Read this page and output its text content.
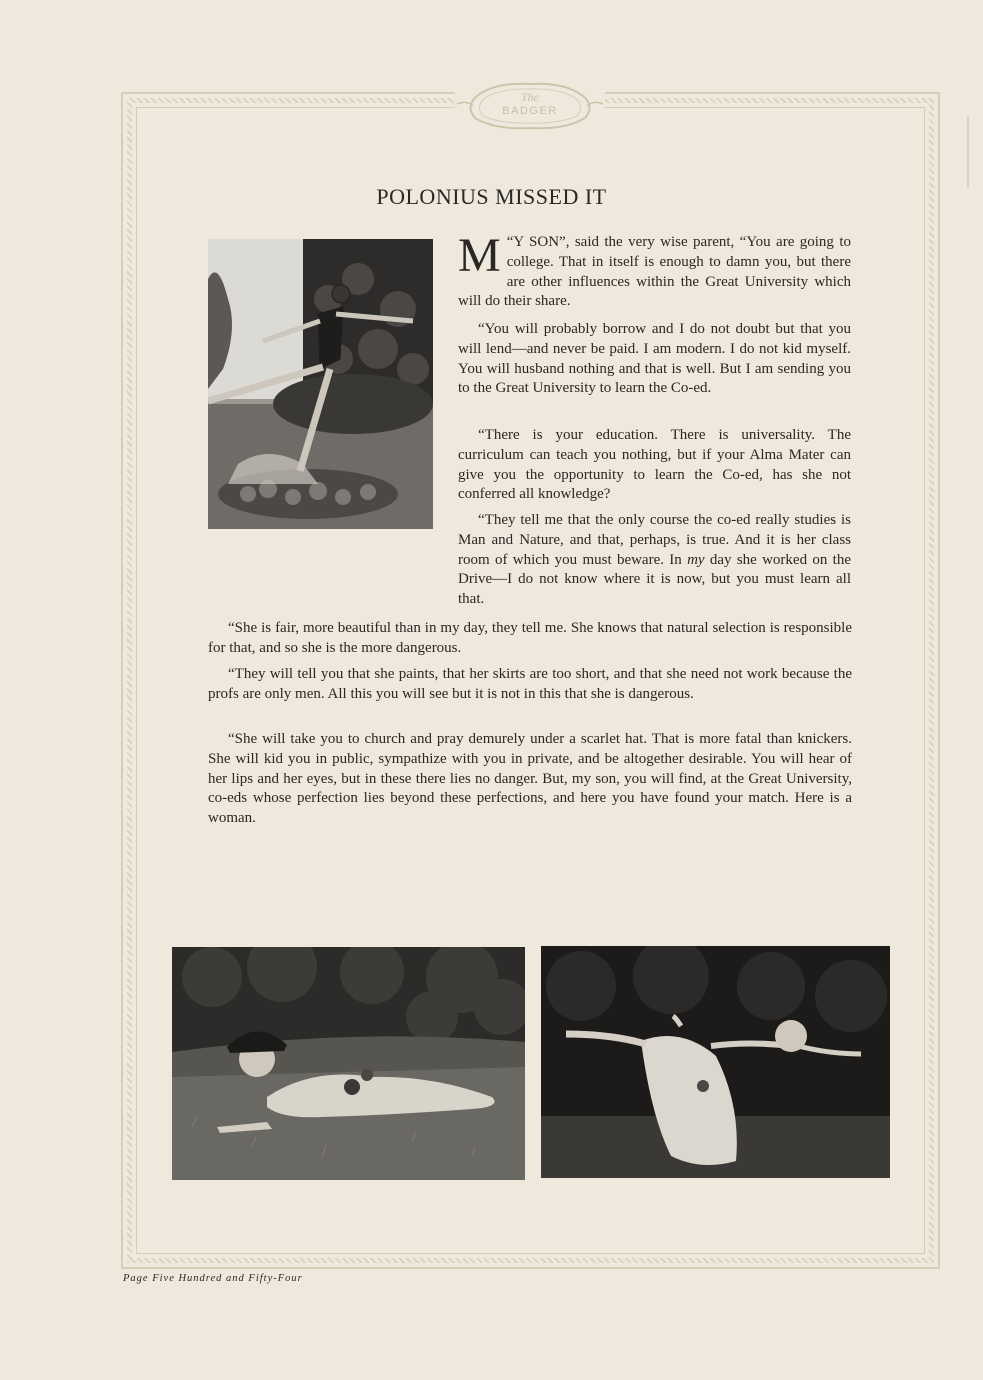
The
BADGER
POLONIUS MISSED IT

“
M Y SON”, said the very wise parent, “You are going to college. That in itself is enough to damn you, but there are other influences within the Great University which will do their share.

“You will probably borrow and I do not doubt but that you will lend—and never be paid. I am modern. I do not kid myself. You will husband nothing and that is well. But I am sending you to the Great University to learn the Co-ed.

“There is your education. There is universality. The curriculum can teach you nothing, but if your Alma Mater can give you the opportunity to learn the Co-ed, has she not conferred all knowledge?

“They tell me that the only course the co-ed really studies is Man and Nature, and that, perhaps, is true. And it is her class room of which you must beware. In my day she worked on the Drive—I do not know where it is now, but you must learn all that.

“She is fair, more beautiful than in my day, they tell me. She knows that natural selection is responsible for that, and so she is the more dangerous.

“They will tell you that she paints, that her skirts are too short, and that she need not work because the profs are only men. All this you will see but it is not in this that she is dangerous.

“She will take you to church and pray demurely under a scarlet hat. That is more fatal than knickers. She will kid you in public, sympathize with you in private, and be altogether desirable. You will hear of her lips and her eyes, but in these there lies no danger. But, my son, you will find, at the Great University, co-eds whose perfection lies beyond these perfections, and here you have found your match. Here is a woman.

Page Five Hundred and Fifty-Four
